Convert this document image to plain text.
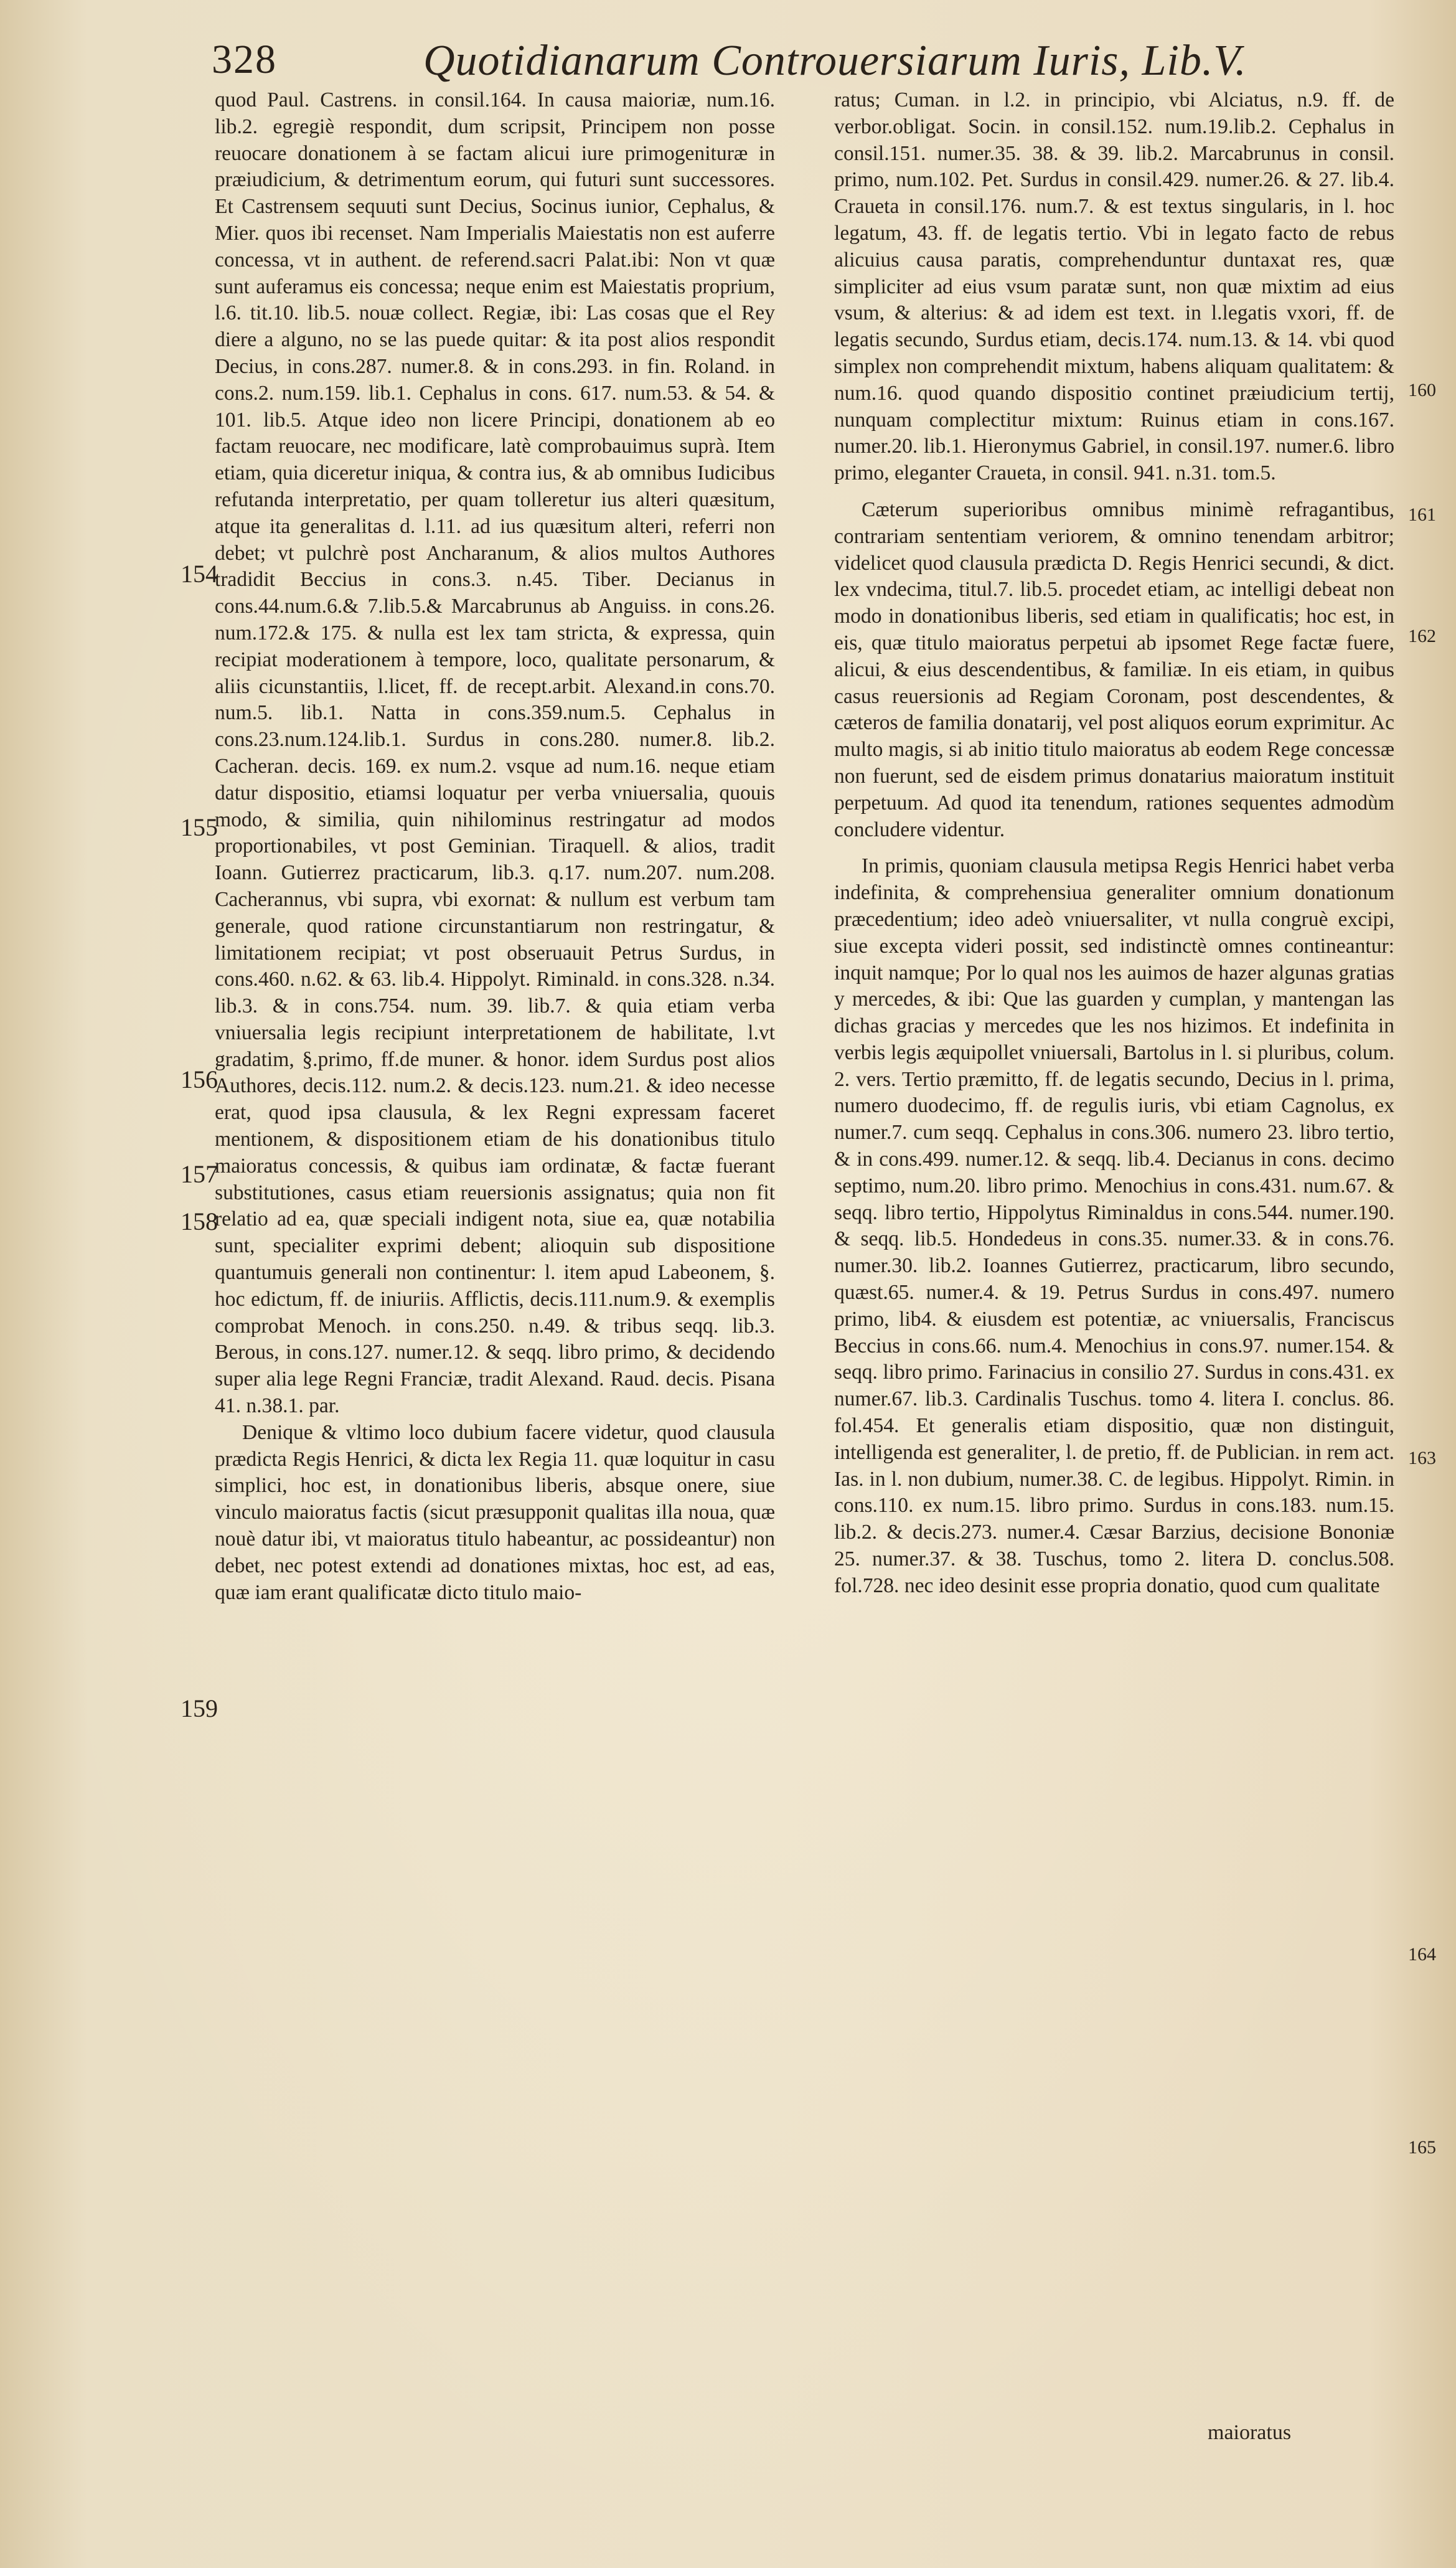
328	Quotidianarum Controuersiarum Iuris, Lib.V.

quod Paul. Castrens. in consil.164. In causa maioriæ, num.16. lib.2. egregiè respondit, dum scripsit, Principem non posse reuocare donationem à se factam alicui iure primogenituræ in præiudicium, & detrimentum eorum, qui futuri sunt successores. Et Castrensem sequuti sunt Decius, Socinus iunior, Cephalus, & Mier. quos ibi recenset. Nam Imperialis Maiestatis non est auferre concessa, vt in authent. de referend.sacri Palat.ibi: Non vt quæ sunt auferamus eis concessa; neque enim est Maiestatis proprium, l.6. tit.10. lib.5. nouæ collect. Regiæ, ibi: Las cosas que el Rey diere a alguno, no se las puede quitar: & ita post alios respondit Decius, in cons.287. numer.8. & in cons.293. in fin. Roland. in cons.2. num.159. lib.1. Cephalus in cons. 617. num.53. & 54. & 101. lib.5. Atque ideo non licere Principi, donationem ab eo factam reuocare, nec modificare, latè comprobauimus suprà. Item etiam, quia diceretur iniqua, & contra ius, & ab omnibus Iudicibus refutanda interpretatio, per quam tolleretur ius alteri quæsitum, atque ita generalitas d. l.11. ad ius quæsitum alteri, referri non debet; vt pulchrè post Ancharanum, & alios multos Authores tradidit Beccius in cons.3. n.45. Tiber. Decianus in cons.44.num.6.& 7.lib.5.& Marcabrunus ab Anguiss. in cons.26. num.172.& 175. & nulla est lex tam stricta, & expressa, quin recipiat moderationem à tempore, loco, qualitate personarum, & aliis cicunstantiis, l.licet, ff. de recept.arbit. Alexand.in cons.70. num.5. lib.1. Natta in cons.359.num.5. Cephalus in cons.23.num.124.lib.1. Surdus in cons.280. numer.8. lib.2. Cacheran. decis. 169. ex num.2. vsque ad num.16. neque etiam datur dispositio, etiamsi loquatur per verba vniuersalia, quouis modo, & similia, quin nihilominus restringatur ad modos proportionabiles, vt post Geminian. Tiraquell. & alios, tradit Ioann. Gutierrez practicarum, lib.3. q.17. num.207. num.208. Cacherannus, vbi supra, vbi exornat: & nullum est verbum tam generale, quod ratione circunstantiarum non restringatur, & limitationem recipiat; vt post obseruauit Petrus Surdus, in cons.460. n.62. & 63. lib.4. Hippolyt. Riminald. in cons.328. n.34. lib.3. & in cons.754. num. 39. lib.7. & quia etiam verba vniuersalia legis recipiunt interpretationem de habilitate, l.vt gradatim, §.primo, ff.de muner. & honor. idem Surdus post alios Authores, decis.112. num.2. & decis.123. num.21. & ideo necesse erat, quod ipsa clausula, & lex Regni expressam faceret mentionem, & dispositionem etiam de his donationibus titulo maioratus concessis, & quibus iam ordinatæ, & factæ fuerant substitutiones, casus etiam reuersionis assignatus; quia non fit relatio ad ea, quæ speciali indigent nota, siue ea, quæ notabilia sunt, specialiter exprimi debent; alioquin sub dispositione quantumuis generali non continentur: l. item apud Labeonem, §. hoc edictum, ff. de iniuriis. Afflictis, decis.111.num.9. & exemplis comprobat Menoch. in cons.250. n.49. & tribus seqq. lib.3. Berous, in cons.127. numer.12. & seqq. libro primo, & decidendo super alia lege Regni Franciæ, tradit Alexand. Raud. decis. Pisana 41. n.38.1. par.

Denique & vltimo loco dubium facere videtur, quod clausula prædicta Regis Henrici, & dicta lex Regia 11. quæ loquitur in casu simplici, hoc est, in donationibus liberis, absque onere, siue vinculo maioratus factis (sicut præsupponit qualitas illa noua, quæ nouè datur ibi, vt maioratus titulo habeantur, ac possideantur) non debet, nec potest extendi ad donationes mixtas, hoc est, ad eas, quæ iam erant qualificatæ dicto titulo maio-

ratus; Cuman. in l.2. in principio, vbi Alciatus, n.9. ff. de verbor.obligat. Socin. in consil.152. num.19.lib.2. Cephalus in consil.151. numer.35. 38. & 39. lib.2. Marcabrunus in consil. primo, num.102. Pet. Surdus in consil.429. numer.26. & 27. lib.4. Craueta in consil.176. num.7. & est textus singularis, in l. hoc legatum, 43. ff. de legatis tertio. Vbi in legato facto de rebus alicuius causa paratis, comprehenduntur duntaxat res, quæ simpliciter ad eius vsum paratæ sunt, non quæ mixtim ad eius vsum, & alterius: & ad idem est text. in l.legatis vxori, ff. de legatis secundo, Surdus etiam, decis.174. num.13. & 14. vbi quod simplex non comprehendit mixtum, habens aliquam qualitatem: & num.16. quod quando dispositio continet præiudicium tertij, nunquam complectitur mixtum: Ruinus etiam in cons.167. numer.20. lib.1. Hieronymus Gabriel, in consil.197. numer.6. libro primo, eleganter Craueta, in consil. 941. n.31. tom.5.

Cæterum superioribus omnibus minimè refragantibus, contrariam sententiam veriorem, & omnino tenendam arbitror; videlicet quod clausula prædicta D. Regis Henrici secundi, & dict. lex vndecima, titul.7. lib.5. procedet etiam, ac intelligi debeat non modo in donationibus liberis, sed etiam in qualificatis; hoc est, in eis, quæ titulo maioratus perpetui ab ipsomet Rege factæ fuere, alicui, & eius descendentibus, & familiæ. In eis etiam, in quibus casus reuersionis ad Regiam Coronam, post descendentes, & cæteros de familia donatarij, vel post aliquos eorum exprimitur. Ac multo magis, si ab initio titulo maioratus ab eodem Rege concessæ non fuerunt, sed de eisdem primus donatarius maioratum instituit perpetuum. Ad quod ita tenendum, rationes sequentes admodùm concludere videntur.

In primis, quoniam clausula metipsa Regis Henrici habet verba indefinita, & comprehensiua generaliter omnium donationum præcedentium; ideo adeò vniuersaliter, vt nulla congruè excipi, siue excepta videri possit, sed indistinctè omnes contineantur: inquit namque; Por lo qual nos les auimos de hazer algunas gratias y mercedes, & ibi: Que las guarden y cumplan, y mantengan las dichas gracias y mercedes que les nos hizimos. Et indefinita in verbis legis æquipollet vniuersali, Bartolus in l. si pluribus, colum. 2. vers. Tertio præmitto, ff. de legatis secundo, Decius in l. prima, numero duodecimo, ff. de regulis iuris, vbi etiam Cagnolus, ex numer.7. cum seqq. Cephalus in cons.306. numero 23. libro tertio, & in cons.499. numer.12. & seqq. lib.4. Decianus in cons. decimo septimo, num.20. libro primo. Menochius in cons.431. num.67. & seqq. libro tertio, Hippolytus Riminaldus in cons.544. numer.190. & seqq. lib.5. Hondedeus in cons.35. numer.33. & in cons.76. numer.30. lib.2. Ioannes Gutierrez, practicarum, libro secundo, quæst.65. numer.4. & 19. Petrus Surdus in cons.497. numero primo, lib4. & eiusdem est potentiæ, ac vniuersalis, Franciscus Beccius in cons.66. num.4. Menochius in cons.97. numer.154. & seqq. libro primo. Farinacius in consilio 27. Surdus in cons.431. ex numer.67. lib.3. Cardinalis Tuschus. tomo 4. litera I. conclus. 86. fol.454. Et generalis etiam dispositio, quæ non distinguit, intelligenda est generaliter, l. de pretio, ff. de Publician. in rem act. Ias. in l. non dubium, numer.38. C. de legibus. Hippolyt. Rimin. in cons.110. ex num.15. libro primo. Surdus in cons.183. num.15. lib.2. & decis.273. numer.4. Cæsar Barzius, decisione Bononiæ 25. numer.37. & 38. Tuschus, tomo 2. litera D. conclus.508. fol.728. nec ideo desinit esse propria donatio, quod cum qualitate

154
155
156
157
158
159
160
161
162
163
164
165
maioratus
